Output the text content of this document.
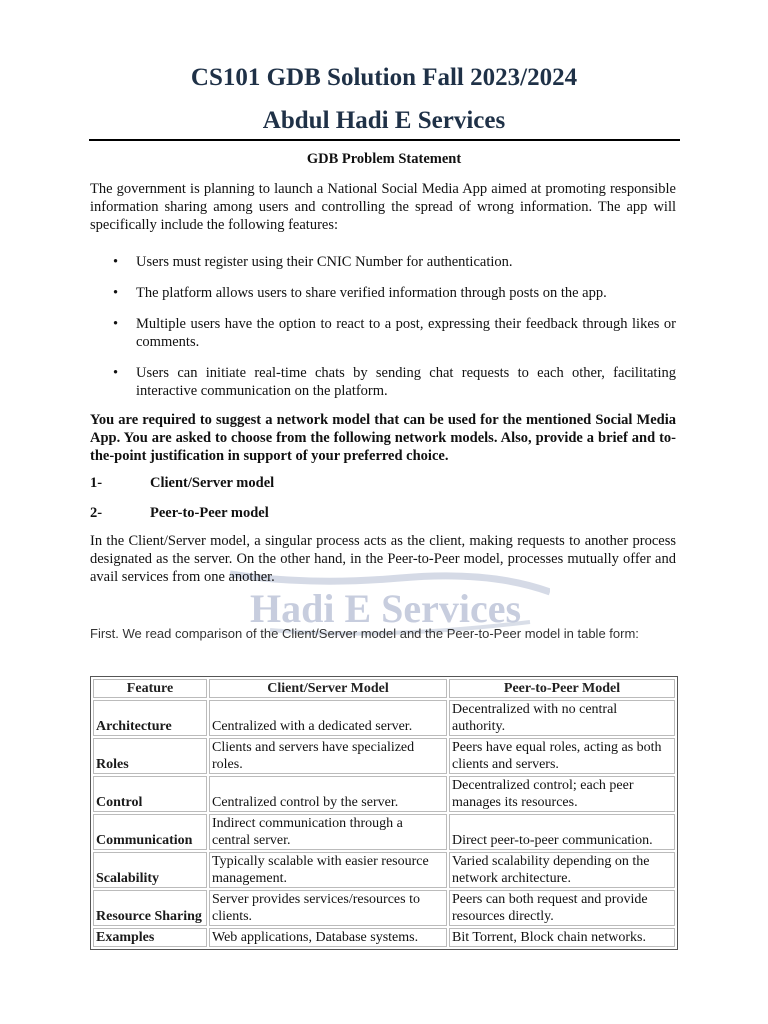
CS101 GDB Solution Fall 2023/2024
Abdul Hadi E Services
GDB Problem Statement
The government is planning to launch a National Social Media App aimed at promoting responsible information sharing among users and controlling the spread of wrong information. The app will specifically include the following features:
• Users must register using their CNIC Number for authentication.
• The platform allows users to share verified information through posts on the app.
• Multiple users have the option to react to a post, expressing their feedback through likes or comments.
• Users can initiate real-time chats by sending chat requests to each other, facilitating interactive communication on the platform.
You are required to suggest a network model that can be used for the mentioned Social Media App. You are asked to choose from the following network models. Also, provide a brief and to-the-point justification in support of your preferred choice.
1-	Client/Server model
2-	Peer-to-Peer model
Hadi E Services
In the Client/Server model, a singular process acts as the client, making requests to another process designated as the server. On the other hand, in the Peer-to-Peer model, processes mutually offer and avail services from one another.
First. We read comparison of the Client/Server model and the Peer-to-Peer model in table form:
Feature	Client/Server Model	Peer-to-Peer Model
Architecture	Centralized with a dedicated server.	Decentralized with no central authority.
Roles	Clients and servers have specialized roles.	Peers have equal roles, acting as both clients and servers.
Control	Centralized control by the server.	Decentralized control; each peer manages its resources.
Communication	Indirect communication through a central server.	Direct peer-to-peer communication.
Scalability	Typically scalable with easier resource management.	Varied scalability depending on the network architecture.
Resource Sharing	Server provides services/resources to clients.	Peers can both request and provide resources directly.
Examples	Web applications, Database systems.	Bit Torrent, Block chain networks.
